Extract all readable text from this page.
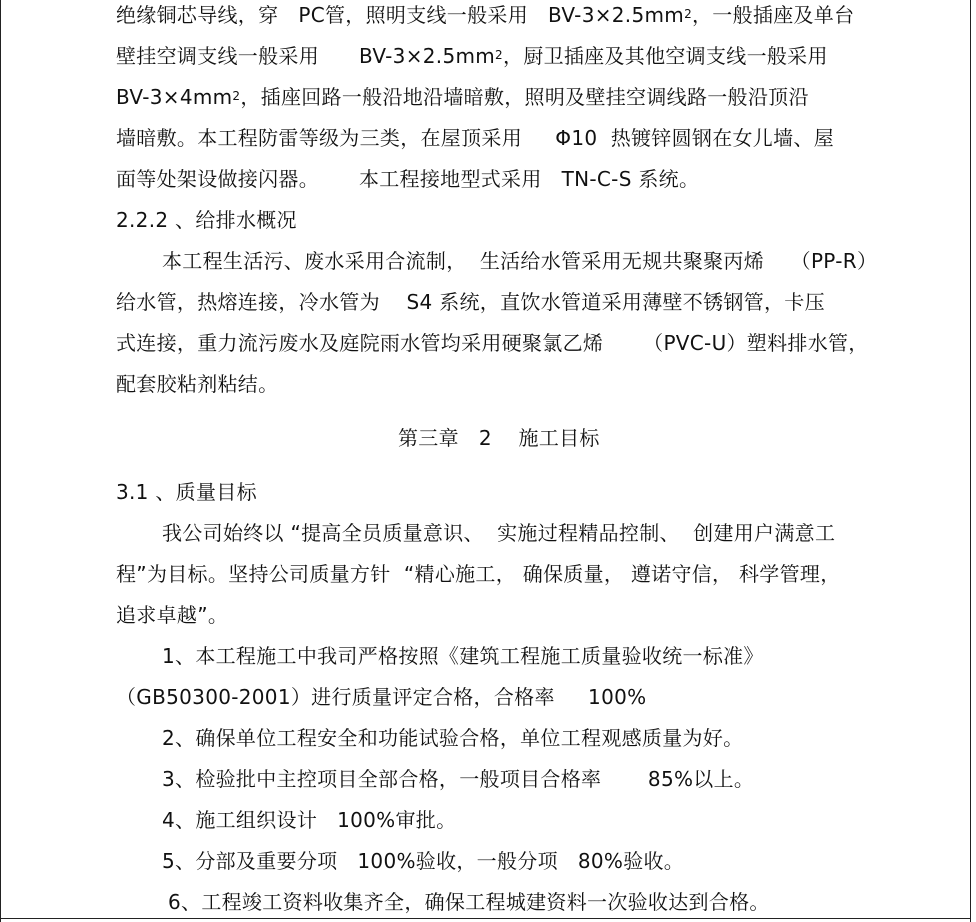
绝缘铜芯导线，穿   PC管，照明支线一般采用   $BV-3\times 2.5mm^2$，一般插座及单台
壁挂空调支线一般采用      $BV-3\times 2.5mm^2$，厨卫插座及其他空调支线一般采用
$BV-3\times 4mm^2$，插座回路一般沿地沿墙暗敷，照明及壁挂空调线路一般沿顶沿
墙暗敷。本工程防雷等级为三类，在屋顶采用     Φ10  热镀锌圆钢在女儿墙、屋
面等处架设做接闪器。      本工程接地型式采用   TN-C-S 系统。
2.2.2 、给排水概况
本工程生活污、废水采用合流制，  生活给水管采用无规共聚聚丙烯    （PP-R）
给水管，热熔连接，冷水管为    S4 系统，直饮水管道采用薄壁不锈钢管，卡压
式连接，重力流污废水及庭院雨水管均采用硬聚氯乙烯      （PVC-U）塑料排水管，
配套胶粘剂粘结。
第三章   2    施工目标
3.1 、质量目标
我公司始终以 “提高全员质量意识、  实施过程精品控制、  创建用户满意工
程”为目标。坚持公司质量方针  “精心施工， 确保质量， 遵诺守信， 科学管理，
追求卓越”。
1、本工程施工中我司严格按照《建筑工程施工质量验收统一标准》
（GB50300-2001）进行质量评定合格，合格率     100%
2、确保单位工程安全和功能试验合格，单位工程观感质量为好。
3、检验批中主控项目全部合格，一般项目合格率       85%以上。
4、施工组织设计   100%审批。
5、分部及重要分项   100%验收，一般分项   80%验收。
6、工程竣工资料收集齐全，确保工程城建资料一次验收达到合格。
